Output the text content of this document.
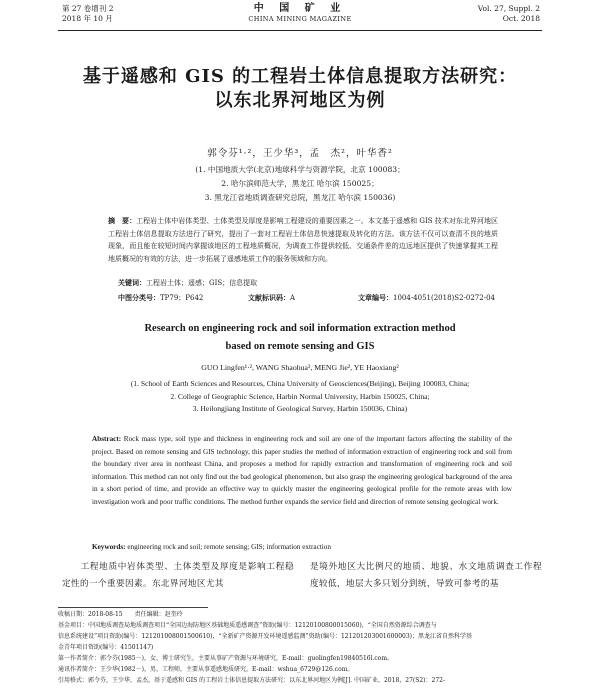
第 27 卷增刊 2
2018 年 10 月
中 国 矿 业
CHINA MINING MAGAZINE
Vol. 27, Suppl. 2
Oct. 2018
基于遥感和 GIS 的工程岩土体信息提取方法研究：
以东北界河地区为例
郭令芬¹·²，王少华³，孟　杰²，叶华香²
(1. 中国地质大学(北京)地球科学与资源学院，北京 100083；
2. 哈尔滨师范大学，黑龙江 哈尔滨 150025；
3. 黑龙江省地质调查研究总院，黑龙江 哈尔滨 150036)
摘　要：工程岩土体中岩体类型、土体类型及厚度是影响工程建设的重要因素之一。本文基于遥感和 GIS 技术对东北界河地区工程岩土体信息提取方法进行了研究，提出了一套对工程岩土体信息快速提取及转化的方法。该方法不仅可以查清不良的地质现象，而且能在较短时间内掌握该地区的工程地质概况，为调查工作提供较低、交通条件差的边远地区提供了快速掌握其工程地质概况的有效的方法，进一步拓展了遥感地质工作的服务领域和方向。
关键词：工程岩土体；遥感；GIS；信息提取
中图分类号：TP79；P642	文献标识码：A	文章编号：1004-4051(2018)S2-0272-04
Research on engineering rock and soil information extraction method
based on remote sensing and GIS
GUO Lingfen¹·², WANG Shaohua³, MENG Jie², YE Haoxiang²
(1. School of Earth Sciences and Resources, China University of Geosciences(Beijing), Beijing 100083, China;
2. College of Geographic Science, Harbin Normal University, Harbin 150025, China;
3. Heilongjiang Institute of Geological Survey, Harbin 150036, China)
Abstract: Rock mass type, soil type and thickness in engineering rock and soil are one of the important factors affecting the stability of the project. Based on remote sensing and GIS technology, this paper studies the method of information extraction of engineering rock and soil from the boundary river area in northeast China, and proposes a method for rapidly extraction and transformation of engineering rock and soil information. This method can not only find out the bad geological phenomenon, but also grasp the engineering geological background of the area in a short period of time, and provide an effective way to quickly master the engineering geological profile for the remote areas with low investigation work and poor traffic conditions. The method further expands the service field and direction of remote sensing geological work.
Keywords: engineering rock and soil; remote sensing; GIS; information extraction
　　工程地质中岩体类型、土体类型及厚度是影响工程稳定性的一个重要因素。东北界河地区尤其
是境外地区大比例尺的地质、地貌、水文地质调查工作程度较低，地层大多只划分到统，导致可参考的基
收稿日期：2018-08-15　　责任编辑：赵奎玲
基金项目：中国地质调查局地质调查项目“全国边海防地区基础地质遥感调查”资助(编号：12120100800015060)，“全国自然资源综合调查与
信息系统建设”项目资助(编号：121201008001500610)，“全新矿产资源开发环境遥感监测”资助(编号：121201203001600003)；黑龙江省自然科学基
金青年项目资助(编号：41501147)
第一作者简介：郭令芬(1985－)，女，博士研究生，主要从事矿产资源与环境研究，E-mail：guolingfen19840516l.com。
通讯作者简介：王少华(1982－)，男，工程师，主要从事遥感地质研究，E-mail：wshua_6729@126.com。
引用格式：郭令芬，王少华，孟杰，基于遥感和 GIS 的工程岩土体信息提取方法研究：以东北界河地区为例[J]. 中国矿业，2018，27(S2)：272-
